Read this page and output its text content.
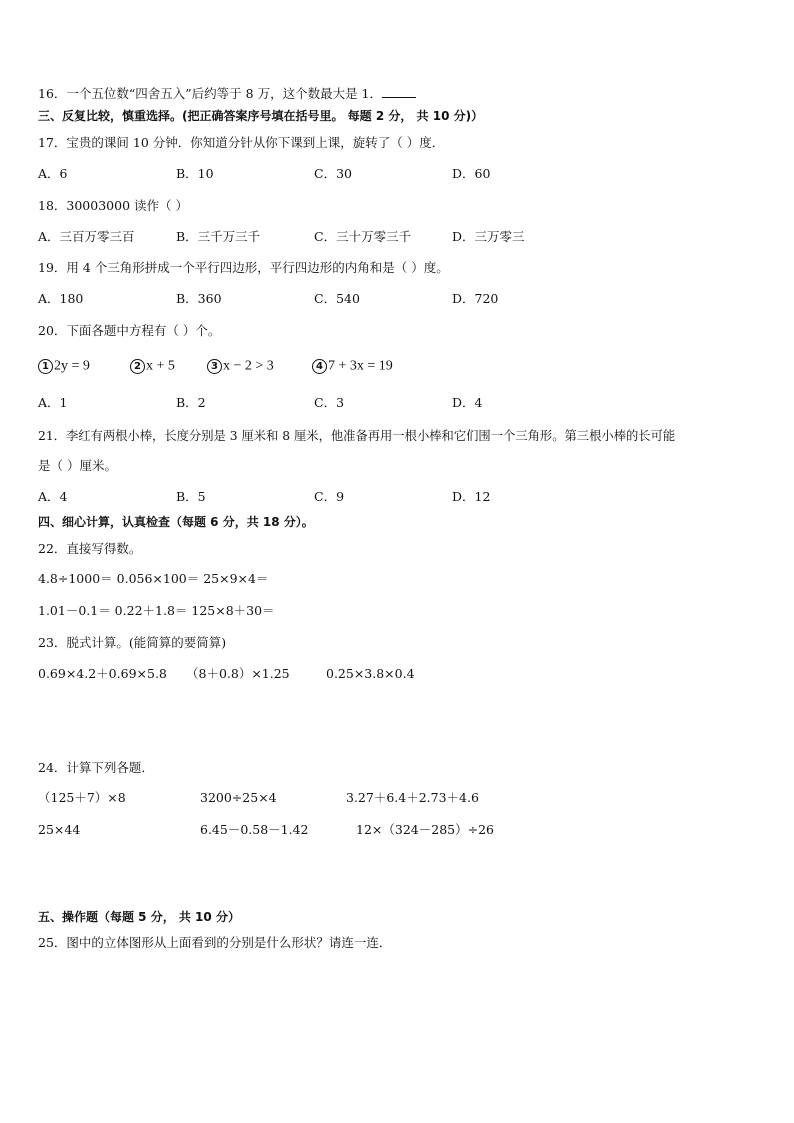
16．一个五位数“四舍五入”后约等于 8 万，这个数最大是 1．
三、反复比较，慎重选择。(把正确答案序号填在括号里。 每题 2 分， 共 10 分)）
17．宝贵的课间 10 分钟．你知道分针从你下课到上课，旋转了（ ）度．
A．6	B．10	C．30	D．60
18．30003000 读作（ ）
A．三百万零三百	B．三千万三千	C．三十万零三千	D．三万零三
19．用 4 个三角形拼成一个平行四边形，平行四边形的内角和是（ ）度。
A．180	B．360	C．540	D．720
20．下面各题中方程有（ ）个。
1 2y = 9	2 x + 5	3 x − 2 > 3	4 7 + 3x = 19
A．1	B．2	C．3	D．4
21．李红有两根小棒，长度分别是 3 厘米和 8 厘米，他准备再用一根小棒和它们围一个三角形。第三根小棒的长可能
是（ ）厘米。
A．4	B．5	C．9	D．12
四、细心计算，认真检查（每题 6 分，共 18 分）。
22．直接写得数。
4.8÷1000＝ 0.056×100＝ 25×9×4＝
1.01－0.1＝ 0.22＋1.8＝ 125×8＋30＝
23．脱式计算。(能简算的要简算)
0.69×4.2＋0.69×5.8 （8＋0.8）×1.25	0.25×3.8×0.4
24．计算下列各题．
（125＋7）×8	3200÷25×4	3.27＋6.4＋2.73＋4.6
25×44	6.45－0.58－1.42	12×（324－285）÷26
五、操作题（每题 5 分， 共 10 分）
25．图中的立体图形从上面看到的分别是什么形状？请连一连．
